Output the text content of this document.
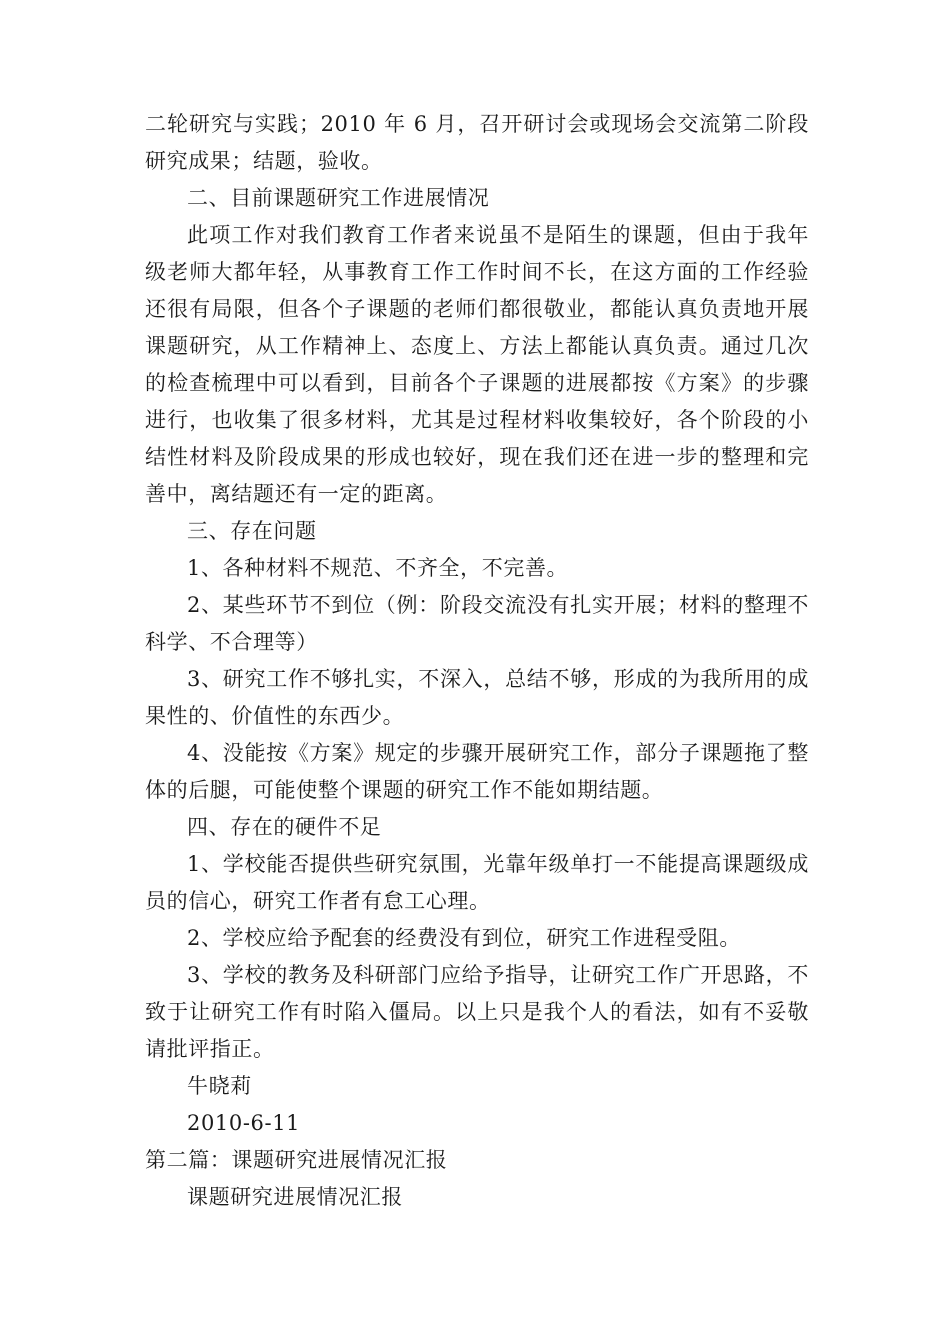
二轮研究与实践；2010 年 6 月，召开研讨会或现场会交流第二阶段研究成果；结题，验收。

二、目前课题研究工作进展情况

此项工作对我们教育工作者来说虽不是陌生的课题，但由于我年级老师大都年轻，从事教育工作工作时间不长，在这方面的工作经验还很有局限，但各个子课题的老师们都很敬业，都能认真负责地开展课题研究，从工作精神上、态度上、方法上都能认真负责。通过几次的检查梳理中可以看到，目前各个子课题的进展都按《方案》的步骤进行，也收集了很多材料，尤其是过程材料收集较好，各个阶段的小结性材料及阶段成果的形成也较好，现在我们还在进一步的整理和完善中，离结题还有一定的距离。

三、存在问题

1、各种材料不规范、不齐全，不完善。

2、某些环节不到位（例：阶段交流没有扎实开展；材料的整理不科学、不合理等）

3、研究工作不够扎实，不深入，总结不够，形成的为我所用的成果性的、价值性的东西少。

4、没能按《方案》规定的步骤开展研究工作，部分子课题拖了整体的后腿，可能使整个课题的研究工作不能如期结题。

四、存在的硬件不足

1、学校能否提供些研究氛围，光靠年级单打一不能提高课题级成员的信心，研究工作者有怠工心理。

2、学校应给予配套的经费没有到位，研究工作进程受阻。

3、学校的教务及科研部门应给予指导，让研究工作广开思路，不致于让研究工作有时陷入僵局。以上只是我个人的看法，如有不妥敬请批评指正。

牛晓莉

2010-6-11

第二篇：课题研究进展情况汇报

课题研究进展情况汇报
